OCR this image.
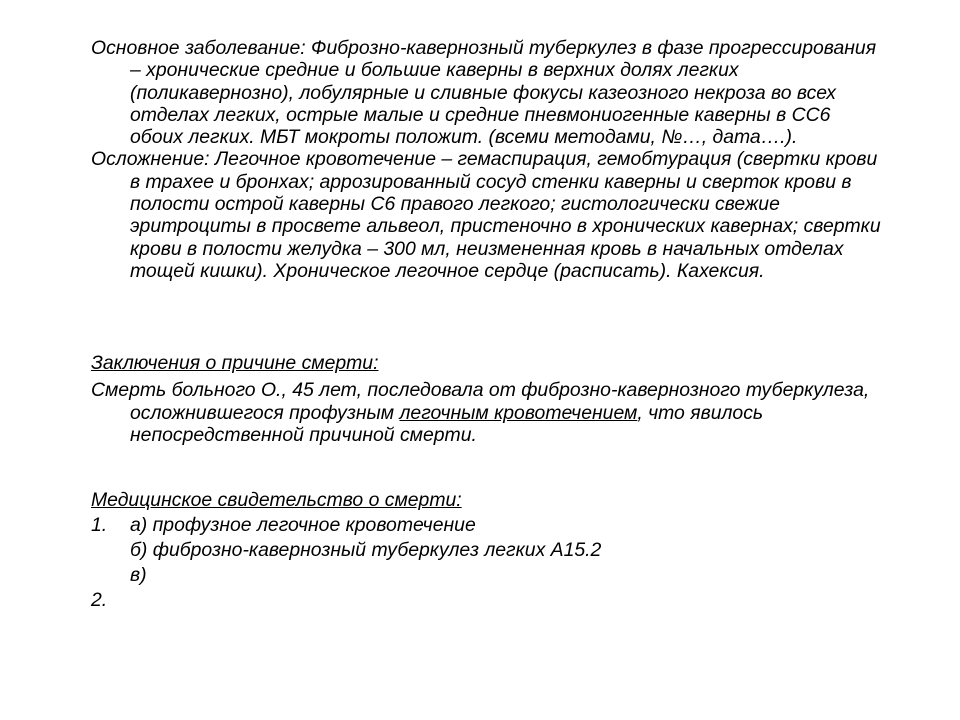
Основное заболевание: Фиброзно-кавернозный туберкулез в фазе прогрессирования – хронические средние и большие каверны в верхних долях легких (поликавернозно), лобулярные и сливные фокусы казеозного некроза во всех отделах легких, острые малые и средние пневмониогенные каверны в СС6 обоих легких. МБТ мокроты положит. (всеми методами, №…, дата….).

Осложнение: Легочное кровотечение – гемаспирация, гемобтурация (свертки крови в трахее и бронхах; аррозированный сосуд стенки каверны и сверток крови в полости острой каверны С6 правого легкого; гистологически свежие эритроциты в просвете альвеол, пристеночно в хронических кавернах; свертки крови в полости желудка – 300 мл, неизмененная кровь в начальных отделах тощей кишки). Хроническое легочное сердце (расписать). Кахексия.

Заключения о причине смерти:

Смерть больного О., 45 лет, последовала от фиброзно-кавернозного туберкулеза, осложнившегося профузным легочным кровотечением, что явилось непосредственной причиной смерти.

Медицинское свидетельство о смерти:

1. а) профузное легочное кровотечение
б) фиброзно-кавернозный туберкулез легких А15.2
в)
2.
